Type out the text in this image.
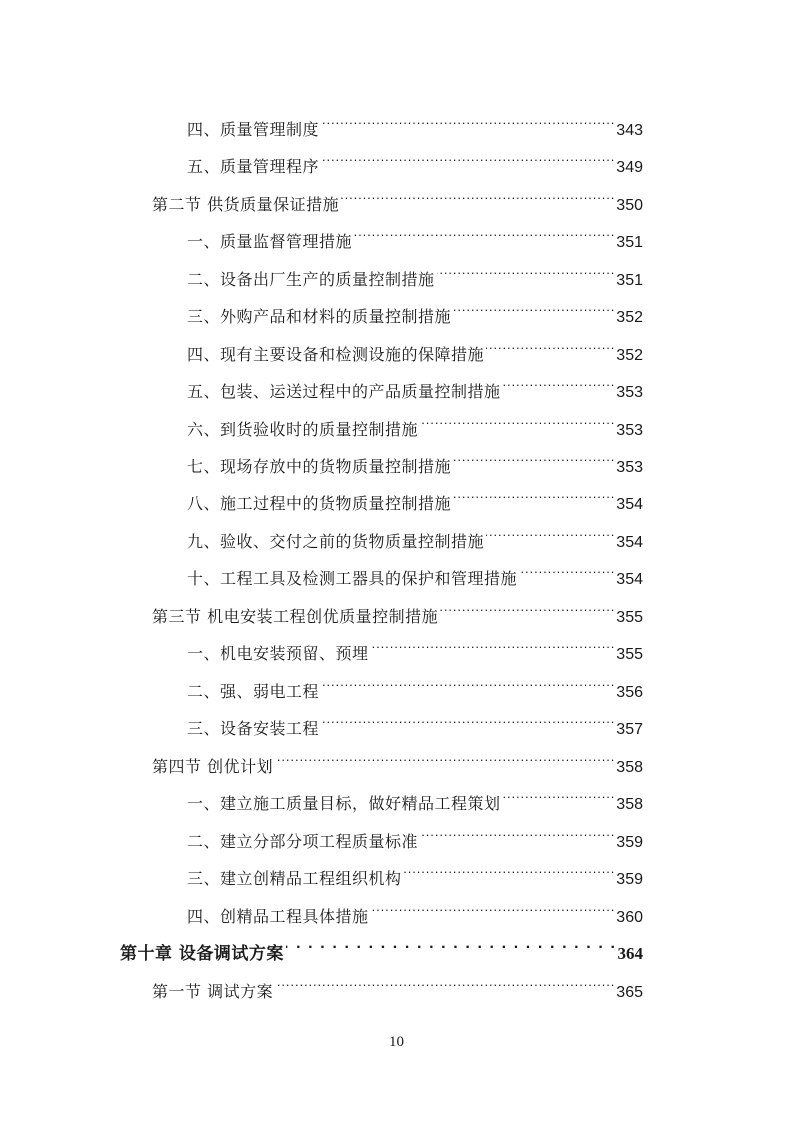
四、质量管理制度 .....	343
五、质量管理程序 .....	349
第二节 供货质量保证措施 .....	350
一、质量监督管理措施 .....	351
二、设备出厂生产的质量控制措施 .....	351
三、外购产品和材料的质量控制措施 .....	352
四、现有主要设备和检测设施的保障措施 .....	352
五、包装、运送过程中的产品质量控制措施 .....	353
六、到货验收时的质量控制措施 .....	353
七、现场存放中的货物质量控制措施 .....	353
八、施工过程中的货物质量控制措施 .....	354
九、验收、交付之前的货物质量控制措施 .....	354
十、工程工具及检测工器具的保护和管理措施 .....	354
第三节 机电安装工程创优质量控制措施 .....	355
一、机电安装预留、预埋 .....	355
二、强、弱电工程 .....	356
三、设备安装工程 .....	357
第四节 创优计划 .....	358
一、建立施工质量目标，做好精品工程策划 .....	358
二、建立分部分项工程质量标准 .....	359
三、建立创精品工程组织机构 .....	359
四、创精品工程具体措施 .....	360
第十章 设备调试方案 . . .	364
第一节 调试方案 .....	365
10
